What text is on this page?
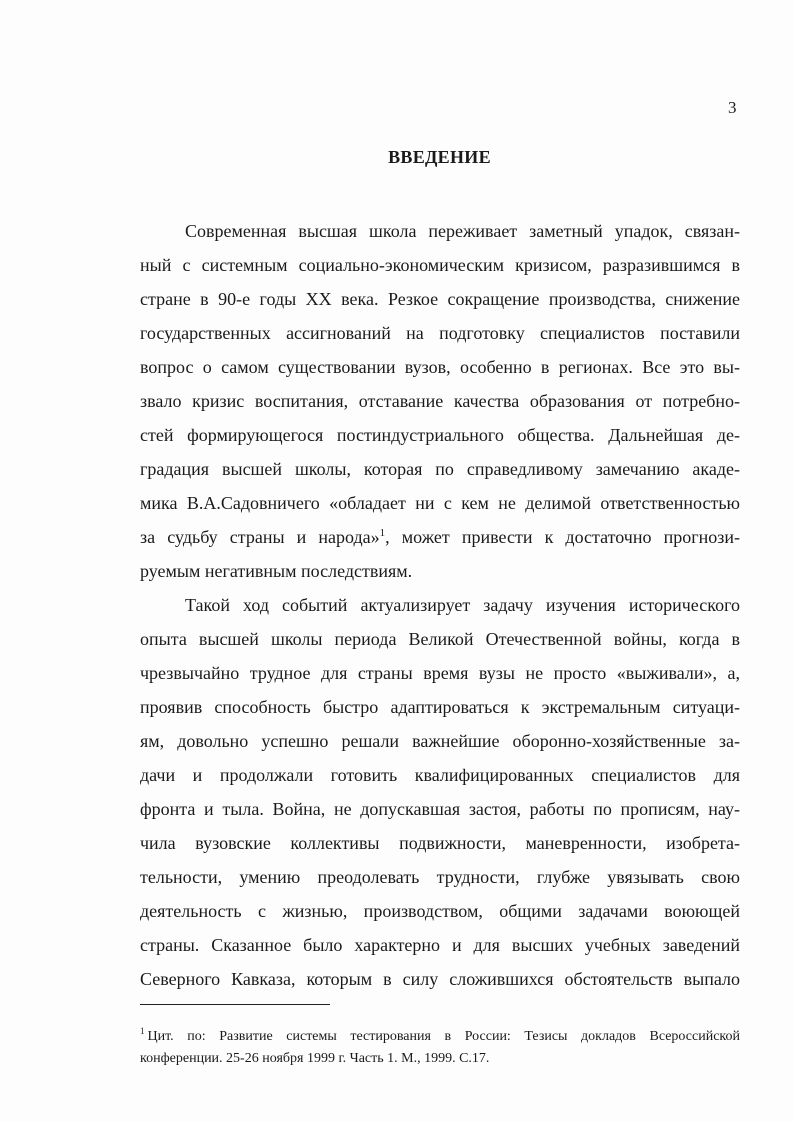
3
ВВЕДЕНИЕ
Современная высшая школа переживает заметный упадок, связан-
ный с системным социально-экономическим кризисом, разразившимся в
стране в 90-е годы XX века. Резкое сокращение производства, снижение
государственных ассигнований на подготовку специалистов поставили
вопрос о самом существовании вузов, особенно в регионах. Все это вы-
звало кризис воспитания, отставание качества образования от потребно-
стей формирующегося постиндустриального общества. Дальнейшая де-
градация высшей школы, которая по справедливому замечанию акаде-
мика В.А.Садовничего «обладает ни с кем не делимой ответственностью
за судьбу страны и народа»$^1$, может привести к достаточно прогнози-
руемым негативным последствиям.
Такой ход событий актуализирует задачу изучения исторического
опыта высшей школы периода Великой Отечественной войны, когда в
чрезвычайно трудное для страны время вузы не просто «выживали», а,
проявив способность быстро адаптироваться к экстремальным ситуаци-
ям, довольно успешно решали важнейшие оборонно-хозяйственные за-
дачи и продолжали готовить квалифицированных специалистов для
фронта и тыла. Война, не допускавшая застоя, работы по прописям, нау-
чила вузовские коллективы подвижности, маневренности, изобрета-
тельности, умению преодолевать трудности, глубже увязывать свою
деятельность с жизнью, производством, общими задачами воюющей
страны. Сказанное было характерно и для высших учебных заведений
Северного Кавказа, которым в силу сложившихся обстоятельств выпало
$^1$ Цит. по: Развитие системы тестирования в России: Тезисы докладов Всероссийской
конференции. 25-26 ноября 1999 г. Часть 1. М., 1999. С.17.
